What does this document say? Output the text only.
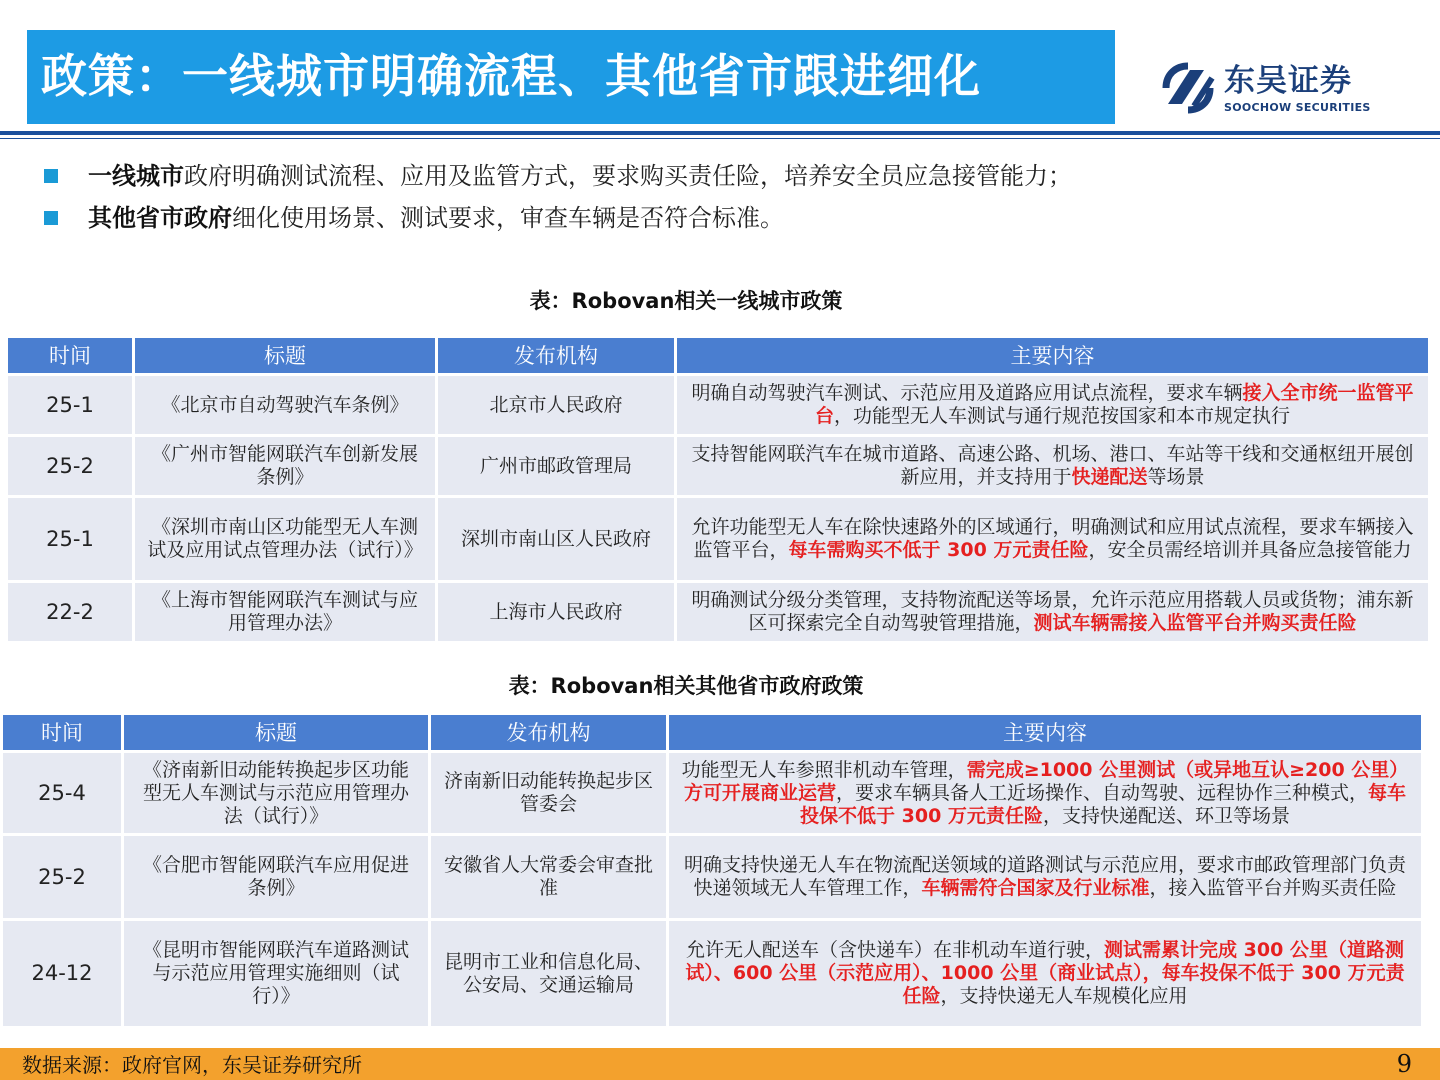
政策：一线城市明确流程、其他省市跟进细化	东吴证券
SOOCHOW SECURITIES
一线城市政府明确测试流程、应用及监管方式，要求购买责任险，培养安全员应急接管能力；
其他省市政府细化使用场景、测试要求，审查车辆是否符合标准。
表：Robovan相关一线城市政策
时间	标题	发布机构	主要内容
25-1	《北京市自动驾驶汽车条例》	北京市人民政府	明确自动驾驶汽车测试、示范应用及道路应用试点流程，要求车辆接入全市统一监管平台，功能型无人车测试与通行规范按国家和本市规定执行
25-2	《广州市智能网联汽车创新发展条例》	广州市邮政管理局	支持智能网联汽车在城市道路、高速公路、机场、港口、车站等干线和交通枢纽开展创新应用，并支持用于快递配送等场景
25-1	《深圳市南山区功能型无人车测试及应用试点管理办法（试行）》	深圳市南山区人民政府	允许功能型无人车在除快速路外的区域通行，明确测试和应用试点流程，要求车辆接入监管平台，每车需购买不低于 300 万元责任险，安全员需经培训并具备应急接管能力
22-2	《上海市智能网联汽车测试与应用管理办法》	上海市人民政府	明确测试分级分类管理，支持物流配送等场景，允许示范应用搭载人员或货物；浦东新区可探索完全自动驾驶管理措施，测试车辆需接入监管平台并购买责任险
表：Robovan相关其他省市政府政策
时间	标题	发布机构	主要内容
25-4	《济南新旧动能转换起步区功能型无人车测试与示范应用管理办法（试行）》	济南新旧动能转换起步区管委会	功能型无人车参照非机动车管理，需完成≥1000 公里测试（或异地互认≥200 公里）方可开展商业运营，要求车辆具备人工近场操作、自动驾驶、远程协作三种模式，每车投保不低于 300 万元责任险，支持快递配送、环卫等场景
25-2	《合肥市智能网联汽车应用促进条例》	安徽省人大常委会审查批准	明确支持快递无人车在物流配送领域的道路测试与示范应用，要求市邮政管理部门负责快递领域无人车管理工作，车辆需符合国家及行业标准，接入监管平台并购买责任险
24-12	《昆明市智能网联汽车道路测试与示范应用管理实施细则（试行）》	昆明市工业和信息化局、公安局、交通运输局	允许无人配送车（含快递车）在非机动车道行驶，测试需累计完成 300 公里（道路测试）、600 公里（示范应用）、1000 公里（商业试点），每车投保不低于 300 万元责任险，支持快递无人车规模化应用
数据来源：政府官网，东吴证券研究所	9
